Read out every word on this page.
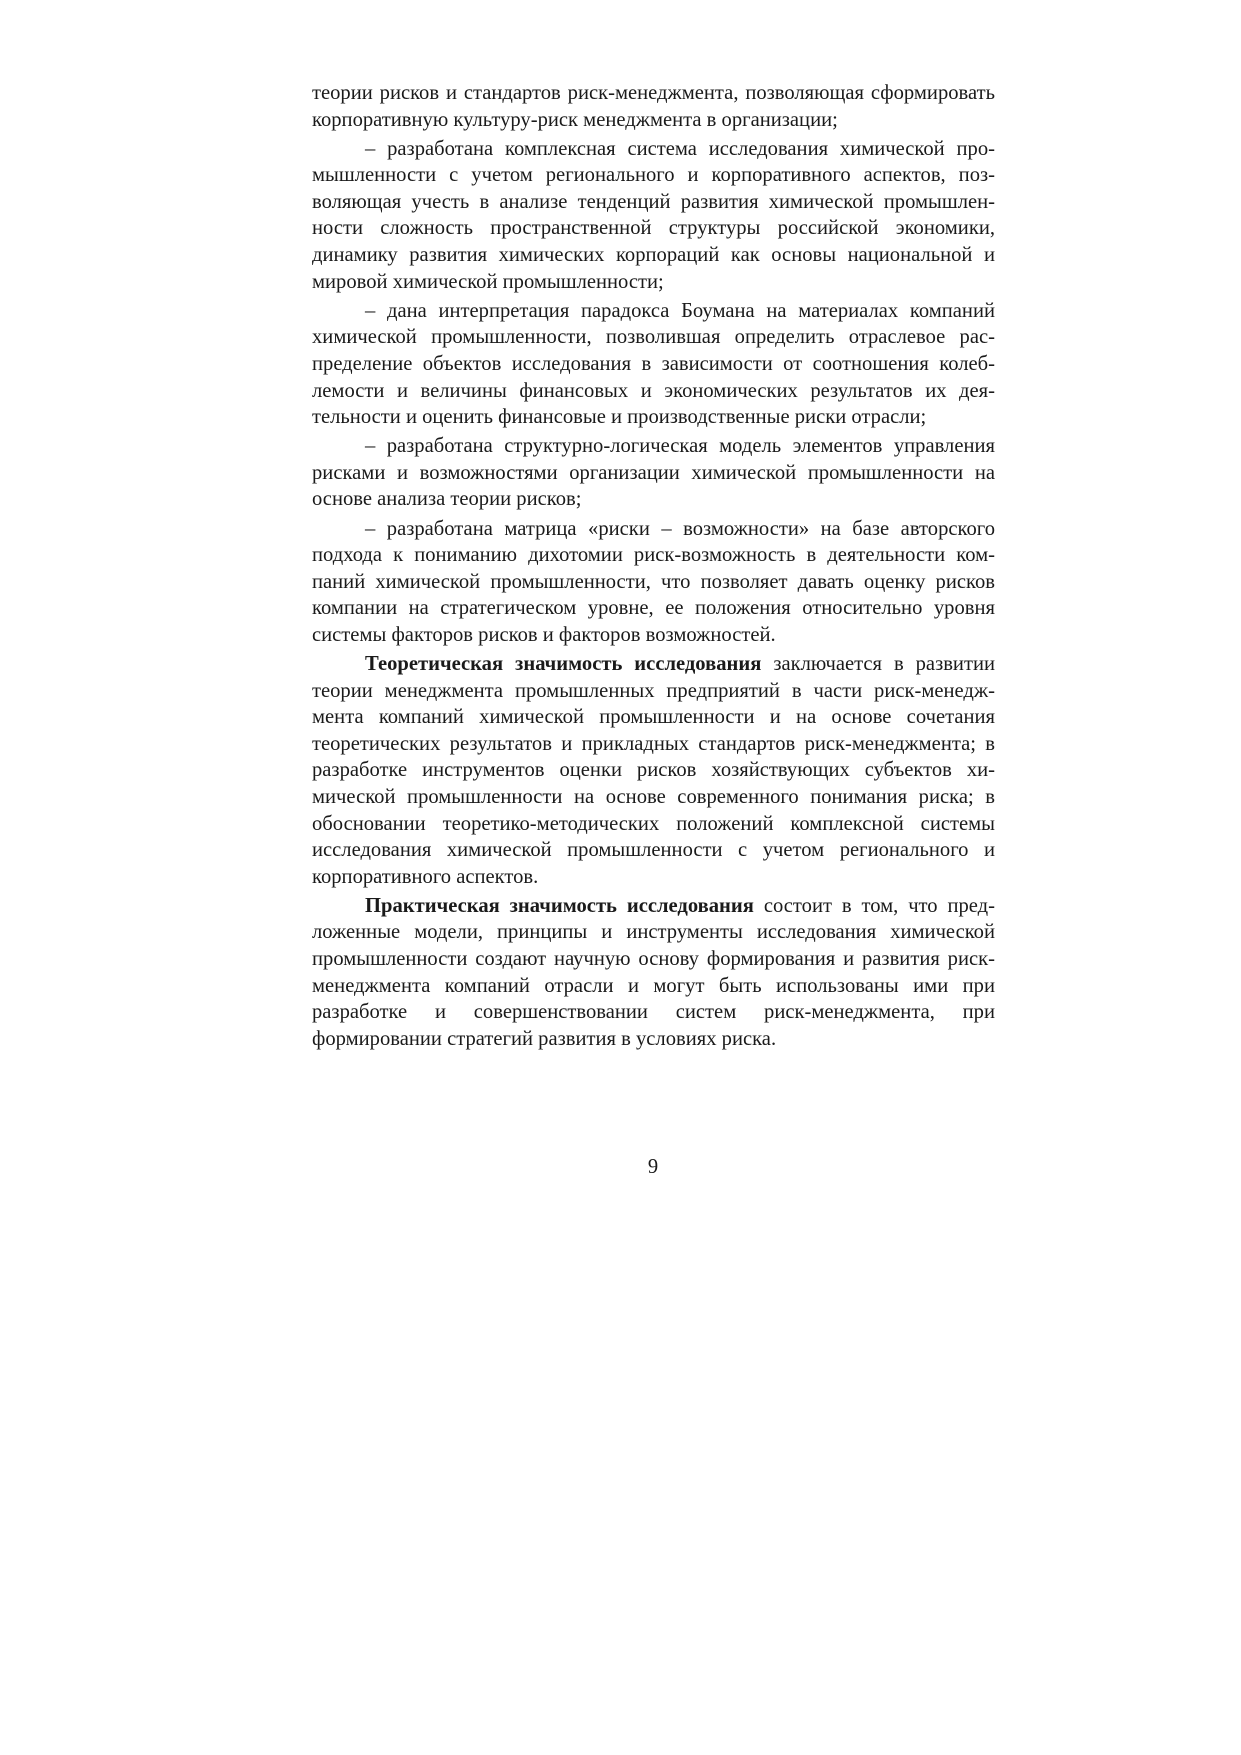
теории рисков и стандартов риск-менеджмента, позволяющая сформировать корпоративную культуру-риск менеджмента в организации;

– разработана комплексная система исследования химической промышленности с учетом регионального и корпоративного аспектов, позволяющая учесть в анализе тенденций развития химической промышленности сложность пространственной структуры российской экономики, динамику развития химических корпораций как основы национальной и мировой химической промышленности;

– дана интерпретация парадокса Боумана на материалах компаний химической промышленности, позволившая определить отраслевое распределение объектов исследования в зависимости от соотношения колеблемости и величины финансовых и экономических результатов их деятельности и оценить финансовые и производственные риски отрасли;

– разработана структурно-логическая модель элементов управления рисками и возможностями организации химической промышленности на основе анализа теории рисков;

– разработана матрица «риски – возможности» на базе авторского подхода к пониманию дихотомии риск-возможность в деятельности компаний химической промышленности, что позволяет давать оценку рисков компании на стратегическом уровне, ее положения относительно уровня системы факторов рисков и факторов возможностей.

Теоретическая значимость исследования заключается в развитии теории менеджмента промышленных предприятий в части риск-менеджмента компаний химической промышленности и на основе сочетания теоретических результатов и прикладных стандартов риск-менеджмента; в разработке инструментов оценки рисков хозяйствующих субъектов химической промышленности на основе современного понимания риска; в обосновании теоретико-методических положений комплексной системы исследования химической промышленности с учетом регионального и корпоративного аспектов.

Практическая значимость исследования состоит в том, что предложенные модели, принципы и инструменты исследования химической промышленности создают научную основу формирования и развития риск-менеджмента компаний отрасли и могут быть использованы ими при разработке и совершенствовании систем риск-менеджмента, при формировании стратегий развития в условиях риска.

9
